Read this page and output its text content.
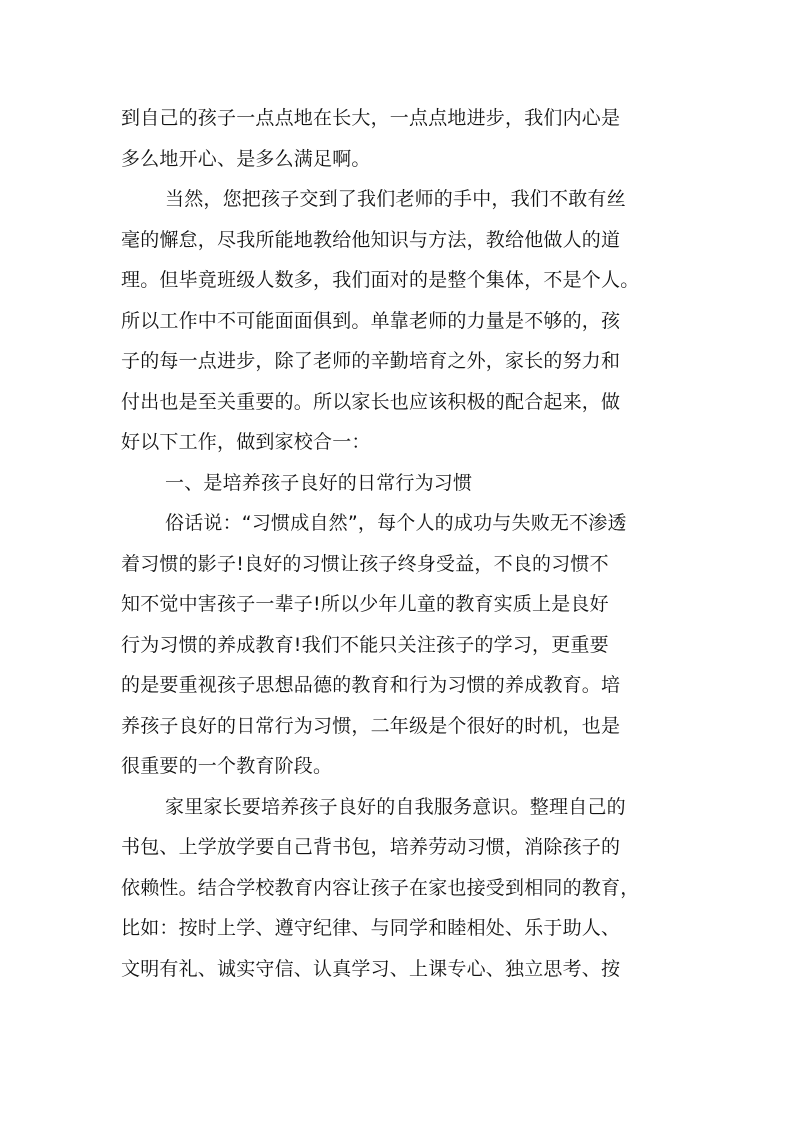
到自己的孩子一点点地在长大，一点点地进步，我们内心是
多么地开心、是多么满足啊。
当然，您把孩子交到了我们老师的手中，我们不敢有丝
毫的懈怠，尽我所能地教给他知识与方法，教给他做人的道
理。但毕竟班级人数多，我们面对的是整个集体，不是个人。
所以工作中不可能面面俱到。单靠老师的力量是不够的，孩
子的每一点进步，除了老师的辛勤培育之外，家长的努力和
付出也是至关重要的。所以家长也应该积极的配合起来，做
好以下工作，做到家校合一：
一、是培养孩子良好的日常行为习惯
俗话说：“习惯成自然”，每个人的成功与失败无不渗透
着习惯的影子!良好的习惯让孩子终身受益，不良的习惯不
知不觉中害孩子一辈子!所以少年儿童的教育实质上是良好
行为习惯的养成教育!我们不能只关注孩子的学习，更重要
的是要重视孩子思想品德的教育和行为习惯的养成教育。培
养孩子良好的日常行为习惯，二年级是个很好的时机，也是
很重要的一个教育阶段。
家里家长要培养孩子良好的自我服务意识。整理自己的
书包、上学放学要自己背书包，培养劳动习惯，消除孩子的
依赖性。结合学校教育内容让孩子在家也接受到相同的教育，
比如：按时上学、遵守纪律、与同学和睦相处、乐于助人、
文明有礼、诚实守信、认真学习、上课专心、独立思考、按
